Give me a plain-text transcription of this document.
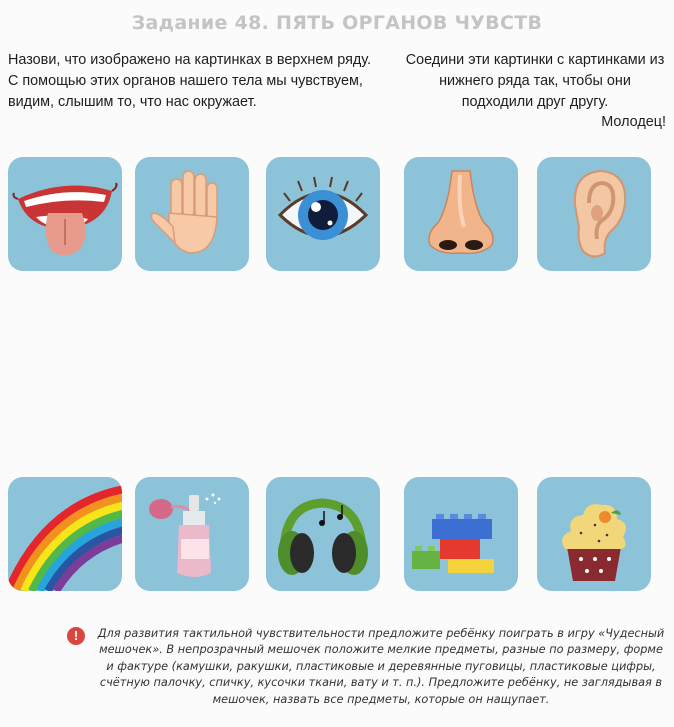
Задание 48. ПЯТЬ ОРГАНОВ ЧУВСТВ
Назови, что изображено на картинках в верхнем ряду. С помощью этих органов нашего тела мы чувствуем, видим, слышим то, что нас окружает.
Соедини эти картинки с картинками из нижнего ряда так, чтобы они подходили друг другу.
Молодец!
!	Для развития тактильной чувствительности предложите ребёнку поиграть в игру «Чудесный мешочек». В непрозрачный мешочек положите мелкие предметы, разные по размеру, форме и фактуре (камушки, ракушки, пластиковые и деревянные пуговицы, пластиковые цифры, счётную палочку, спичку, кусочки ткани, вату и т. п.). Предложите ребёнку, не заглядывая в мешочек, назвать все предметы, которые он нащупает.
